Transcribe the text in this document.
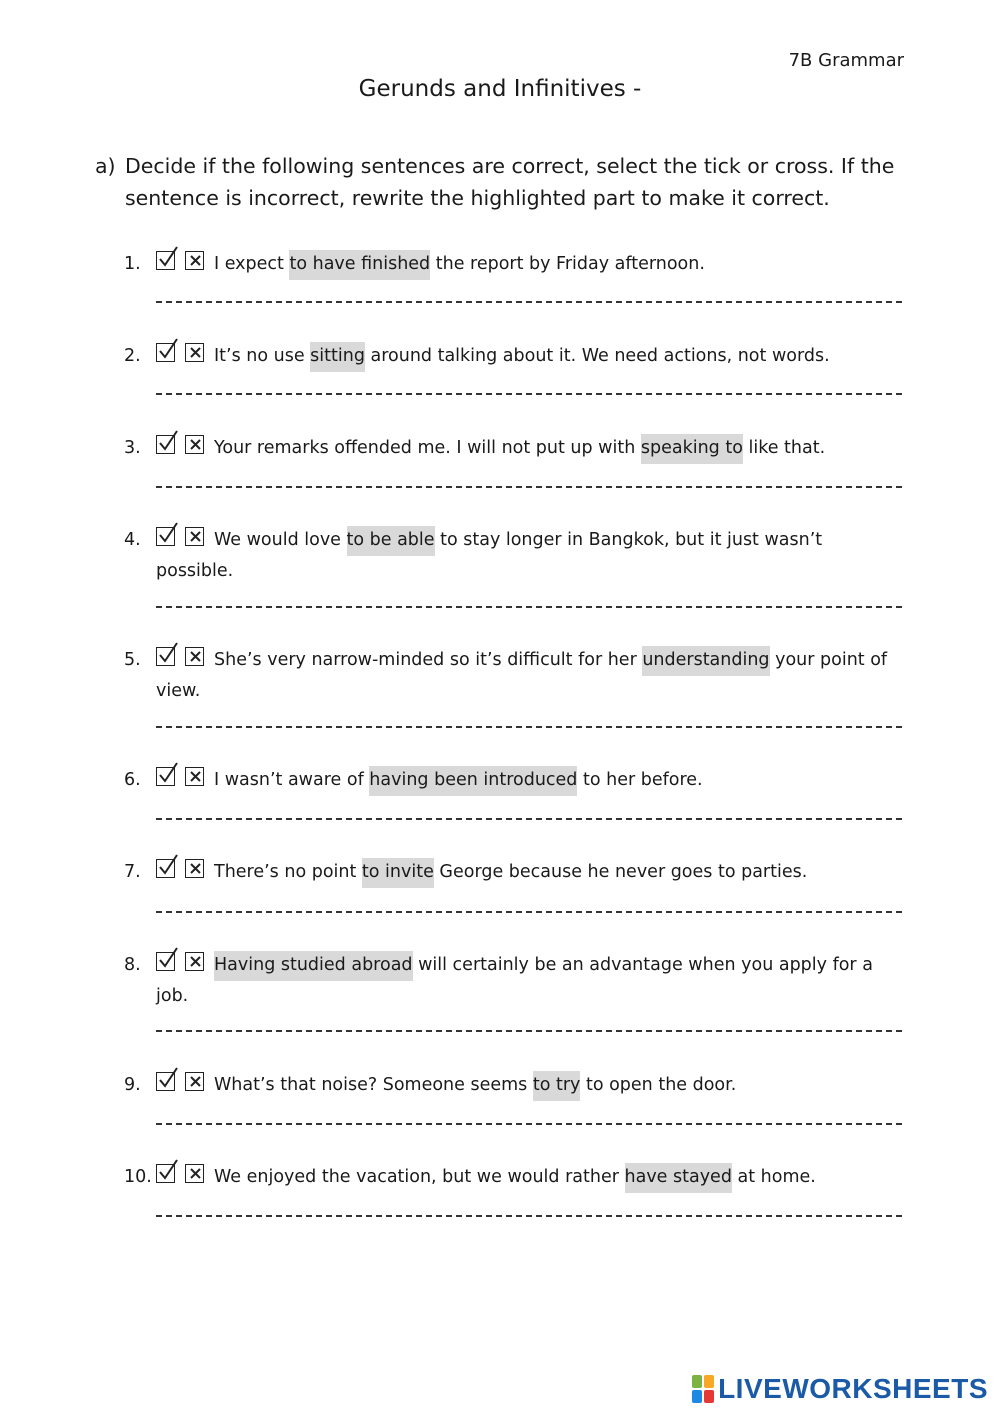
7B Grammar
Gerunds and Infinitives -
a) Decide if the following sentences are correct, select the tick or cross. If the sentence is incorrect, rewrite the highlighted part to make it correct.
1.	I expect to have finished the report by Friday afternoon.
2.	It’s no use sitting around talking about it. We need actions, not words.
3.	Your remarks offended me. I will not put up with speaking to like that.
4.	We would love to be able to stay longer in Bangkok, but it just wasn’t possible.
5.	She’s very narrow-minded so it’s difficult for her understanding your point of view.
6.	I wasn’t aware of having been introduced to her before.
7.	There’s no point to invite George because he never goes to parties.
8.	Having studied abroad will certainly be an advantage when you apply for a job.
9.	What’s that noise? Someone seems to try to open the door.
10.	We enjoyed the vacation, but we would rather have stayed at home.
LIVEWORKSHEETS
